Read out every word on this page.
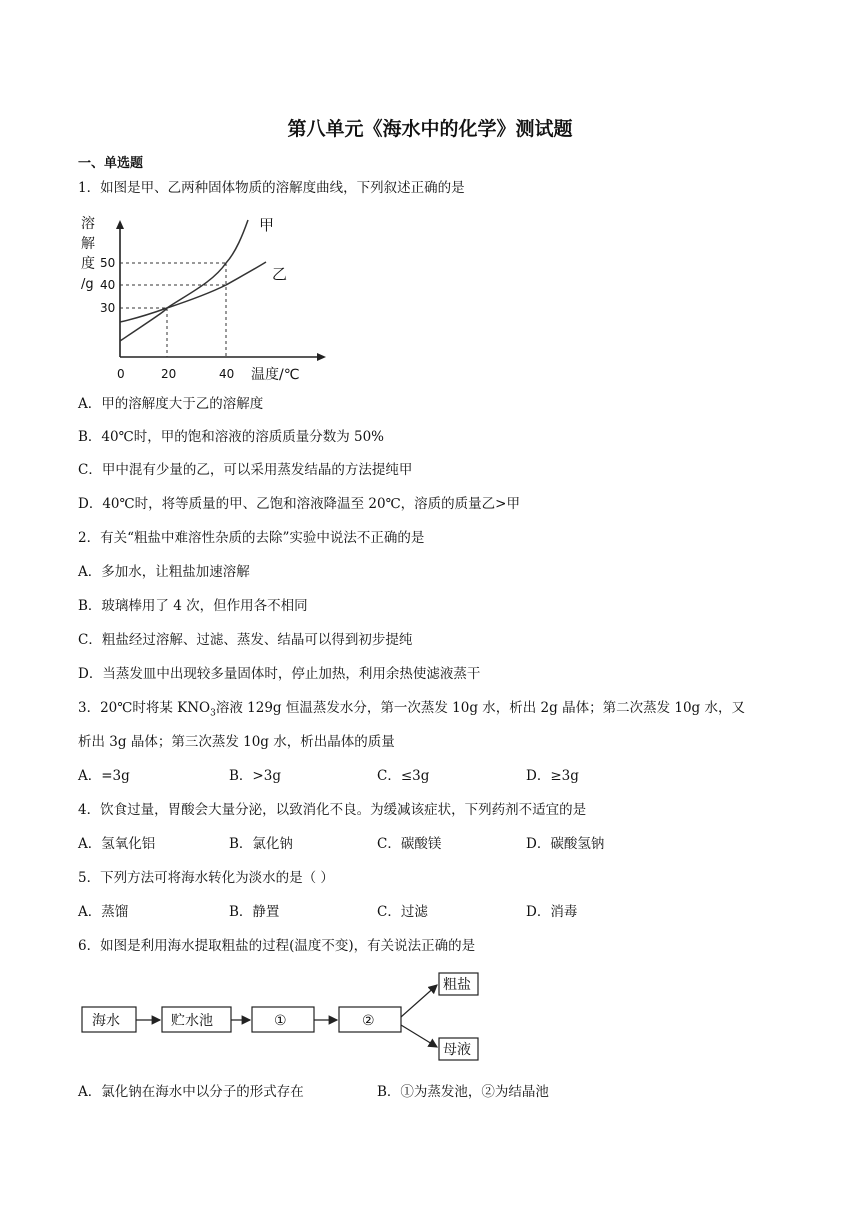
第八单元《海水中的化学》测试题
一、单选题
1．如图是甲、乙两种固体物质的溶解度曲线，下列叙述正确的是
溶
解
度
/g
50
40
30
0	20	40 温度/℃
甲
乙
A．甲的溶解度大于乙的溶解度
B．40℃时，甲的饱和溶液的溶质质量分数为 50%
C．甲中混有少量的乙，可以采用蒸发结晶的方法提纯甲
D．40℃时，将等质量的甲、乙饱和溶液降温至 20℃，溶质的质量乙>甲
2．有关“粗盐中难溶性杂质的去除”实验中说法不正确的是
A．多加水，让粗盐加速溶解
B．玻璃棒用了 4 次，但作用各不相同
C．粗盐经过溶解、过滤、蒸发、结晶可以得到初步提纯
D．当蒸发皿中出现较多量固体时，停止加热，利用余热使滤液蒸干
3．20℃时将某 $KNO_3$溶液 129g 恒温蒸发水分，第一次蒸发 10g 水，析出 2g 晶体；第二次蒸发 10g 水，又
析出 3g 晶体；第三次蒸发 10g 水，析出晶体的质量
A．=3g	B．>3g	C．≤3g	D．≥3g
4．饮食过量，胃酸会大量分泌，以致消化不良。为缓减该症状，下列药剂不适宜的是
A．氢氧化铝	B．氯化钠	C．碳酸镁	D．碳酸氢钠
5．下列方法可将海水转化为淡水的是（ ）
A．蒸馏	B．静置	C．过滤	D．消毒
6．如图是利用海水提取粗盐的过程(温度不变)，有关说法正确的是
海水	贮水池	①	②
粗盐
母液
A．氯化钠在海水中以分子的形式存在	B．①为蒸发池，②为结晶池
